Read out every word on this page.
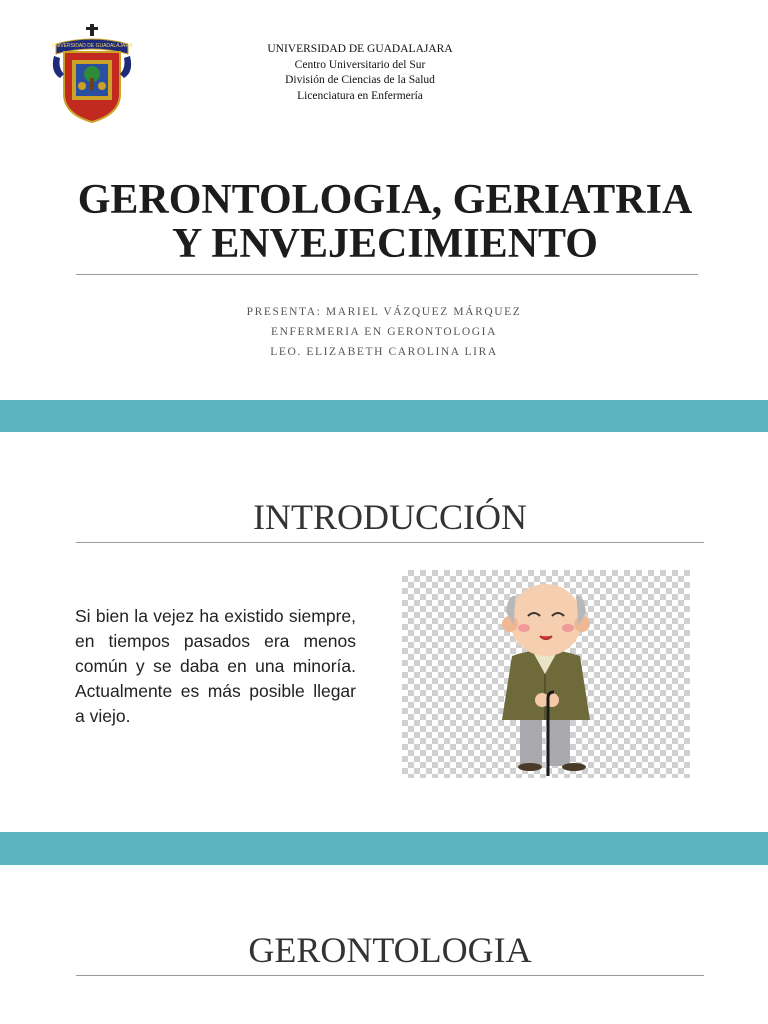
UNIVERSIDAD DE GUADALAJARA	UNIVERSIDAD DE GUADALAJARA
Centro Universitario del Sur
División de Ciencias de la Salud
Licenciatura en Enfermería
GERONTOLOGIA, GERIATRIA
Y ENVEJECIMIENTO
PRESENTA: MARIEL VÁZQUEZ MÁRQUEZ
ENFERMERIA EN GERONTOLOGIA
LEO. ELIZABETH CAROLINA LIRA
INTRODUCCIÓN

Si bien la vejez ha existido siempre, en tiempos pasados era menos común y se daba en una minoría. Actualmente es más posible llegar a viejo.

GERONTOLOGIA
